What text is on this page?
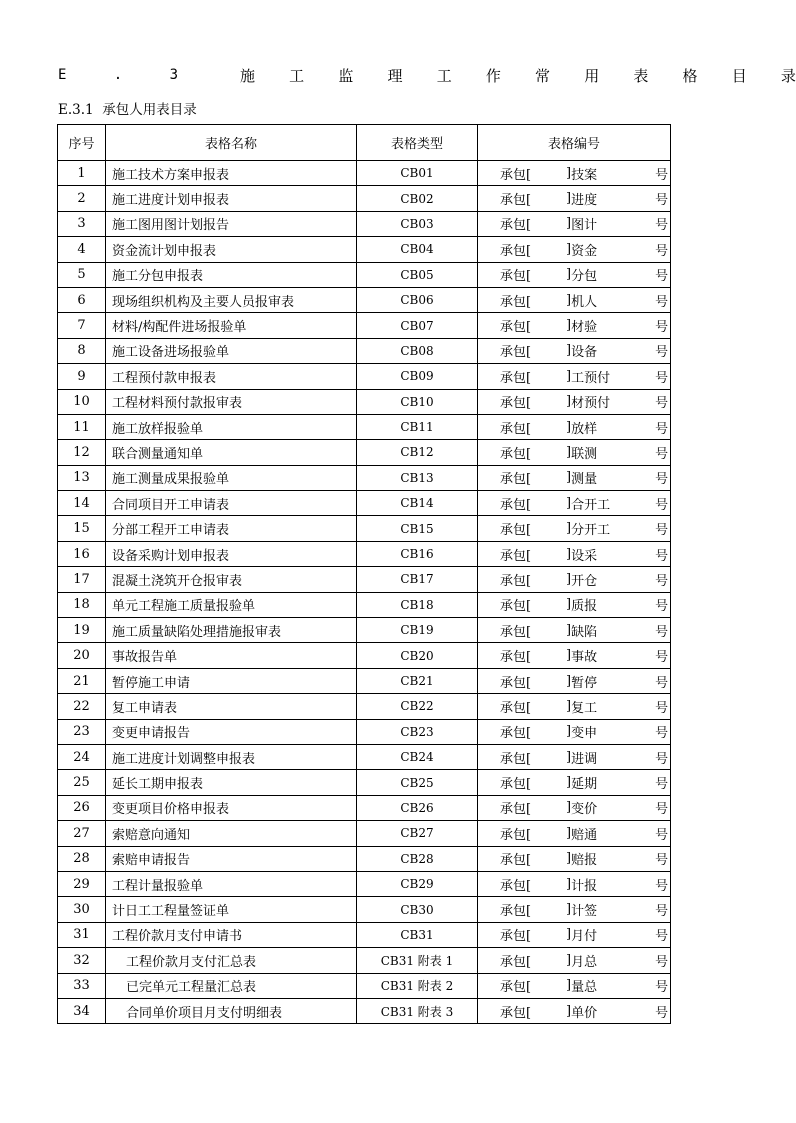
E	.	3	施 工 监 理 工 作 常 用 表 格 目 录
E.3.1  承包人用表目录
序号	表格名称	表格类型	表格编号
1	施工技术方案申报表	CB01	承包[ ] 技案 号

2	施工进度计划申报表	CB02	承包[ ] 进度 号

3	施工图用图计划报告	CB03	承包[ ] 图计 号

4	资金流计划申报表	CB04	承包[ ] 资金 号

5	施工分包申报表	CB05	承包[ ] 分包 号

6	现场组织机构及主要人员报审表	CB06	承包[ ] 机人 号

7	材料/构配件进场报验单	CB07	承包[ ] 材验 号

8	施工设备进场报验单	CB08	承包[ ] 设备 号

9	工程预付款申报表	CB09	承包[ ] 工预付 号

10	工程材料预付款报审表	CB10	承包[ ] 材预付 号

11	施工放样报验单	CB11	承包[ ] 放样 号

12	联合测量通知单	CB12	承包[ ] 联测 号

13	施工测量成果报验单	CB13	承包[ ] 测量 号

14	合同项目开工申请表	CB14	承包[ ] 合开工 号

15	分部工程开工申请表	CB15	承包[ ] 分开工 号

16	设备采购计划申报表	CB16	承包[ ] 设采 号

17	混凝土浇筑开仓报审表	CB17	承包[ ] 开仓 号

18	单元工程施工质量报验单	CB18	承包[ ] 质报 号

19	施工质量缺陷处理措施报审表	CB19	承包[ ] 缺陷 号

20	事故报告单	CB20	承包[ ] 事故 号

21	暂停施工申请	CB21	承包[ ] 暂停 号

22	复工申请表	CB22	承包[ ] 复工 号

23	变更申请报告	CB23	承包[ ] 变申 号

24	施工进度计划调整申报表	CB24	承包[ ] 进调 号

25	延长工期申报表	CB25	承包[ ] 延期 号

26	变更项目价格申报表	CB26	承包[ ] 变价 号

27	索赔意向通知	CB27	承包[ ] 赔通 号

28	索赔申请报告	CB28	承包[ ] 赔报 号

29	工程计量报验单	CB29	承包[ ] 计报 号

30	计日工工程量签证单	CB30	承包[ ] 计签 号

31	工程价款月支付申请书	CB31	承包[ ] 月付 号

32	工程价款月支付汇总表	CB31 附表 1	承包[ ] 月总 号

33	已完单元工程量汇总表	CB31 附表 2	承包[ ] 量总 号

34	合同单价项目月支付明细表	CB31 附表 3	承包[ ] 单价 号
